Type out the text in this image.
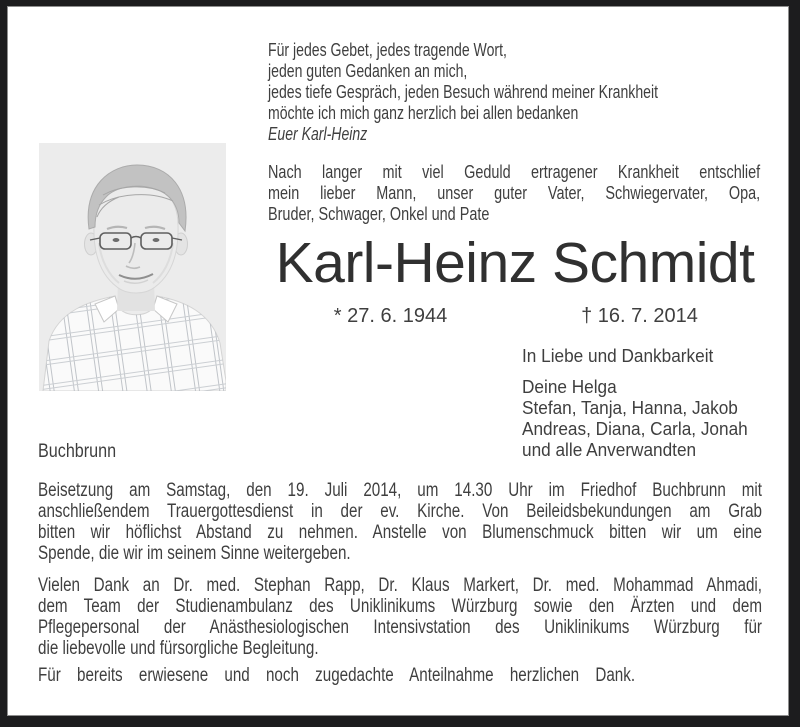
Für jedes Gebet, jedes tragende Wort,
jeden guten Gedanken an mich,
jedes tiefe Gespräch, jeden Besuch während meiner Krankheit
möchte ich mich ganz herzlich bei allen bedanken
Euer Karl-Heinz
Nach langer mit viel Geduld ertragener Krankheit entschlief
mein lieber Mann, unser guter Vater, Schwiegervater, Opa,
Bruder, Schwager, Onkel und Pate
Karl-Heinz Schmidt
* 27. 6. 1944	† 16. 7. 2014
In Liebe und Dankbarkeit
Deine Helga
Stefan, Tanja, Hanna, Jakob
Andreas, Diana, Carla, Jonah
und alle Anverwandten
Buchbrunn
Beisetzung am Samstag, den 19. Juli 2014, um 14.30 Uhr im Friedhof Buchbrunn mit
anschließendem Trauergottesdienst in der ev. Kirche. Von Beileidsbekundungen am Grab
bitten wir höflichst Abstand zu nehmen. Anstelle von Blumenschmuck bitten wir um eine
Spende, die wir im seinem Sinne weitergeben.
Vielen Dank an Dr. med. Stephan Rapp, Dr. Klaus Markert, Dr. med. Mohammad Ahmadi,
dem Team der Studienambulanz des Uniklinikums Würzburg sowie den Ärzten und dem
Pflegepersonal der Anästhesiologischen Intensivstation des Uniklinikums Würzburg für
die liebevolle und fürsorgliche Begleitung.
Für bereits erwiesene und noch zugedachte Anteilnahme herzlichen Dank.
